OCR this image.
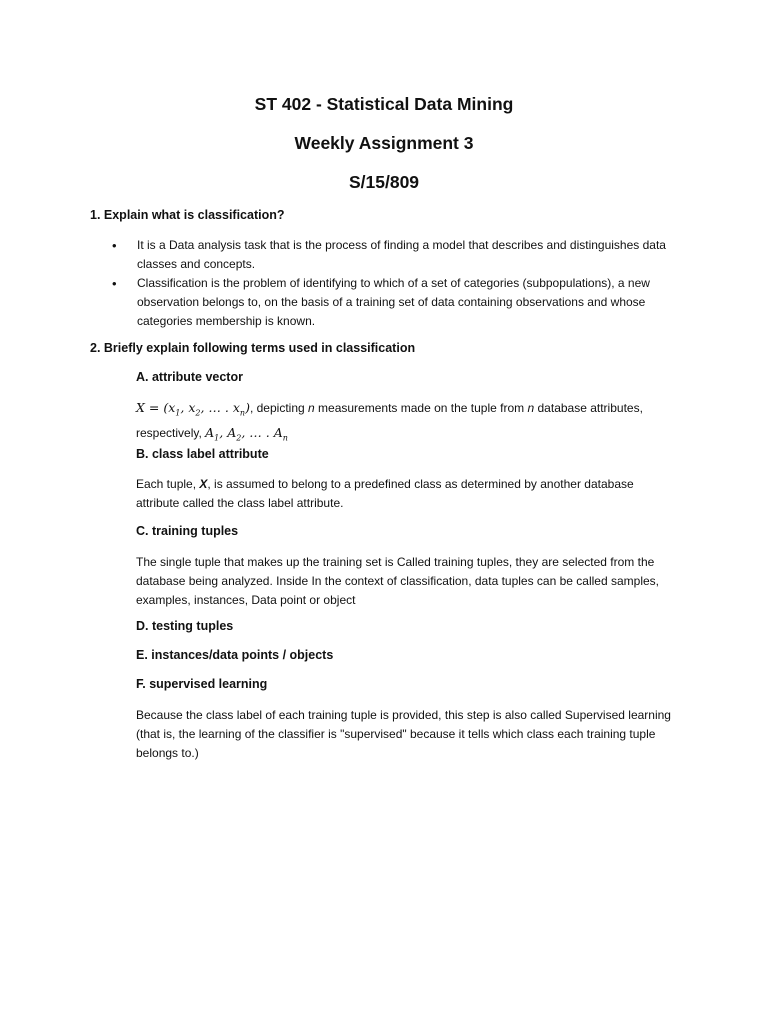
ST 402 - Statistical Data Mining
Weekly Assignment 3
S/15/809
1. Explain what is classification?
• It is a Data analysis task that is the process of finding a model that describes and distinguishes data classes and concepts.
• Classification is the problem of identifying to which of a set of categories (subpopulations), a new observation belongs to, on the basis of a training set of data containing observations and whose categories membership is known.
2. Briefly explain following terms used in classification
A. attribute vector
$X = (x_1$, $x_2$, … . $x_n$), depicting n measurements made on the tuple from n database attributes,
respectively, $A_1$, $A_2$, … . $A_n$
B. class label attribute
Each tuple, X, is assumed to belong to a predefined class as determined by another database attribute called the class label attribute.
C. training tuples
The single tuple that makes up the training set is Called training tuples, they are selected from the database being analyzed. Inside In the context of classification, data tuples can be called samples, examples, instances, Data point or object
D. testing tuples
E. instances/data points / objects
F. supervised learning
Because the class label of each training tuple is provided, this step is also called Supervised learning (that is, the learning of the classifier is "supervised" because it tells which class each training tuple belongs to.)
